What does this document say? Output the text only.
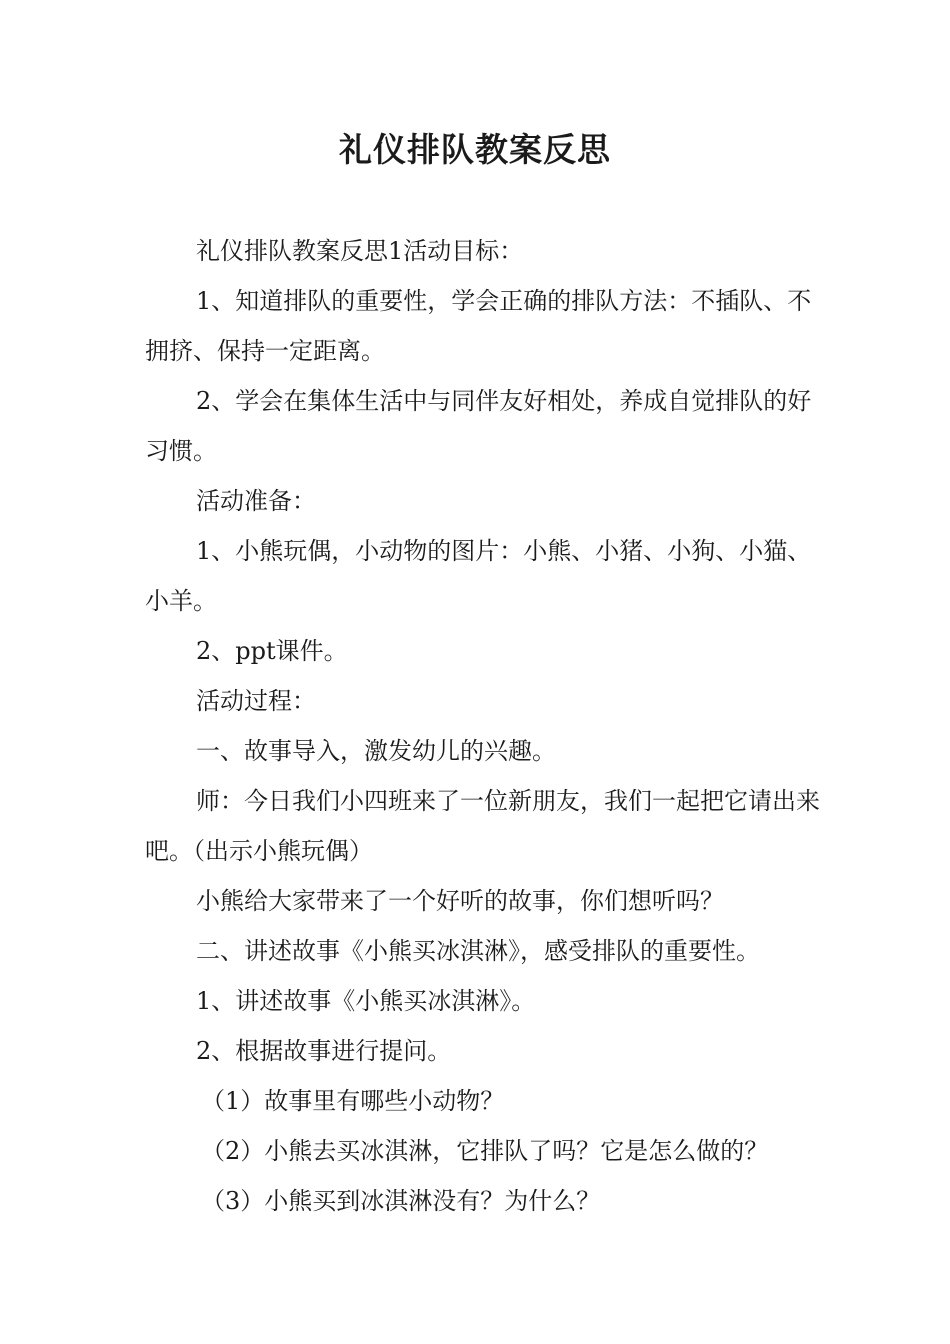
礼仪排队教案反思

礼仪排队教案反思1活动目标：

1、知道排队的重要性，学会正确的排队方法：不插队、不拥挤、保持一定距离。

2、学会在集体生活中与同伴友好相处，养成自觉排队的好习惯。

活动准备：

1、小熊玩偶，小动物的图片：小熊、小猪、小狗、小猫、小羊。

2、ppt课件。

活动过程：

一、故事导入，激发幼儿的兴趣。

师：今日我们小四班来了一位新朋友，我们一起把它请出来吧。（出示小熊玩偶）

小熊给大家带来了一个好听的故事，你们想听吗？

二、讲述故事《小熊买冰淇淋》，感受排队的重要性。

1、讲述故事《小熊买冰淇淋》。

2、根据故事进行提问。

（1）故事里有哪些小动物？

（2）小熊去买冰淇淋，它排队了吗？它是怎么做的？

（3）小熊买到冰淇淋没有？为什么？
